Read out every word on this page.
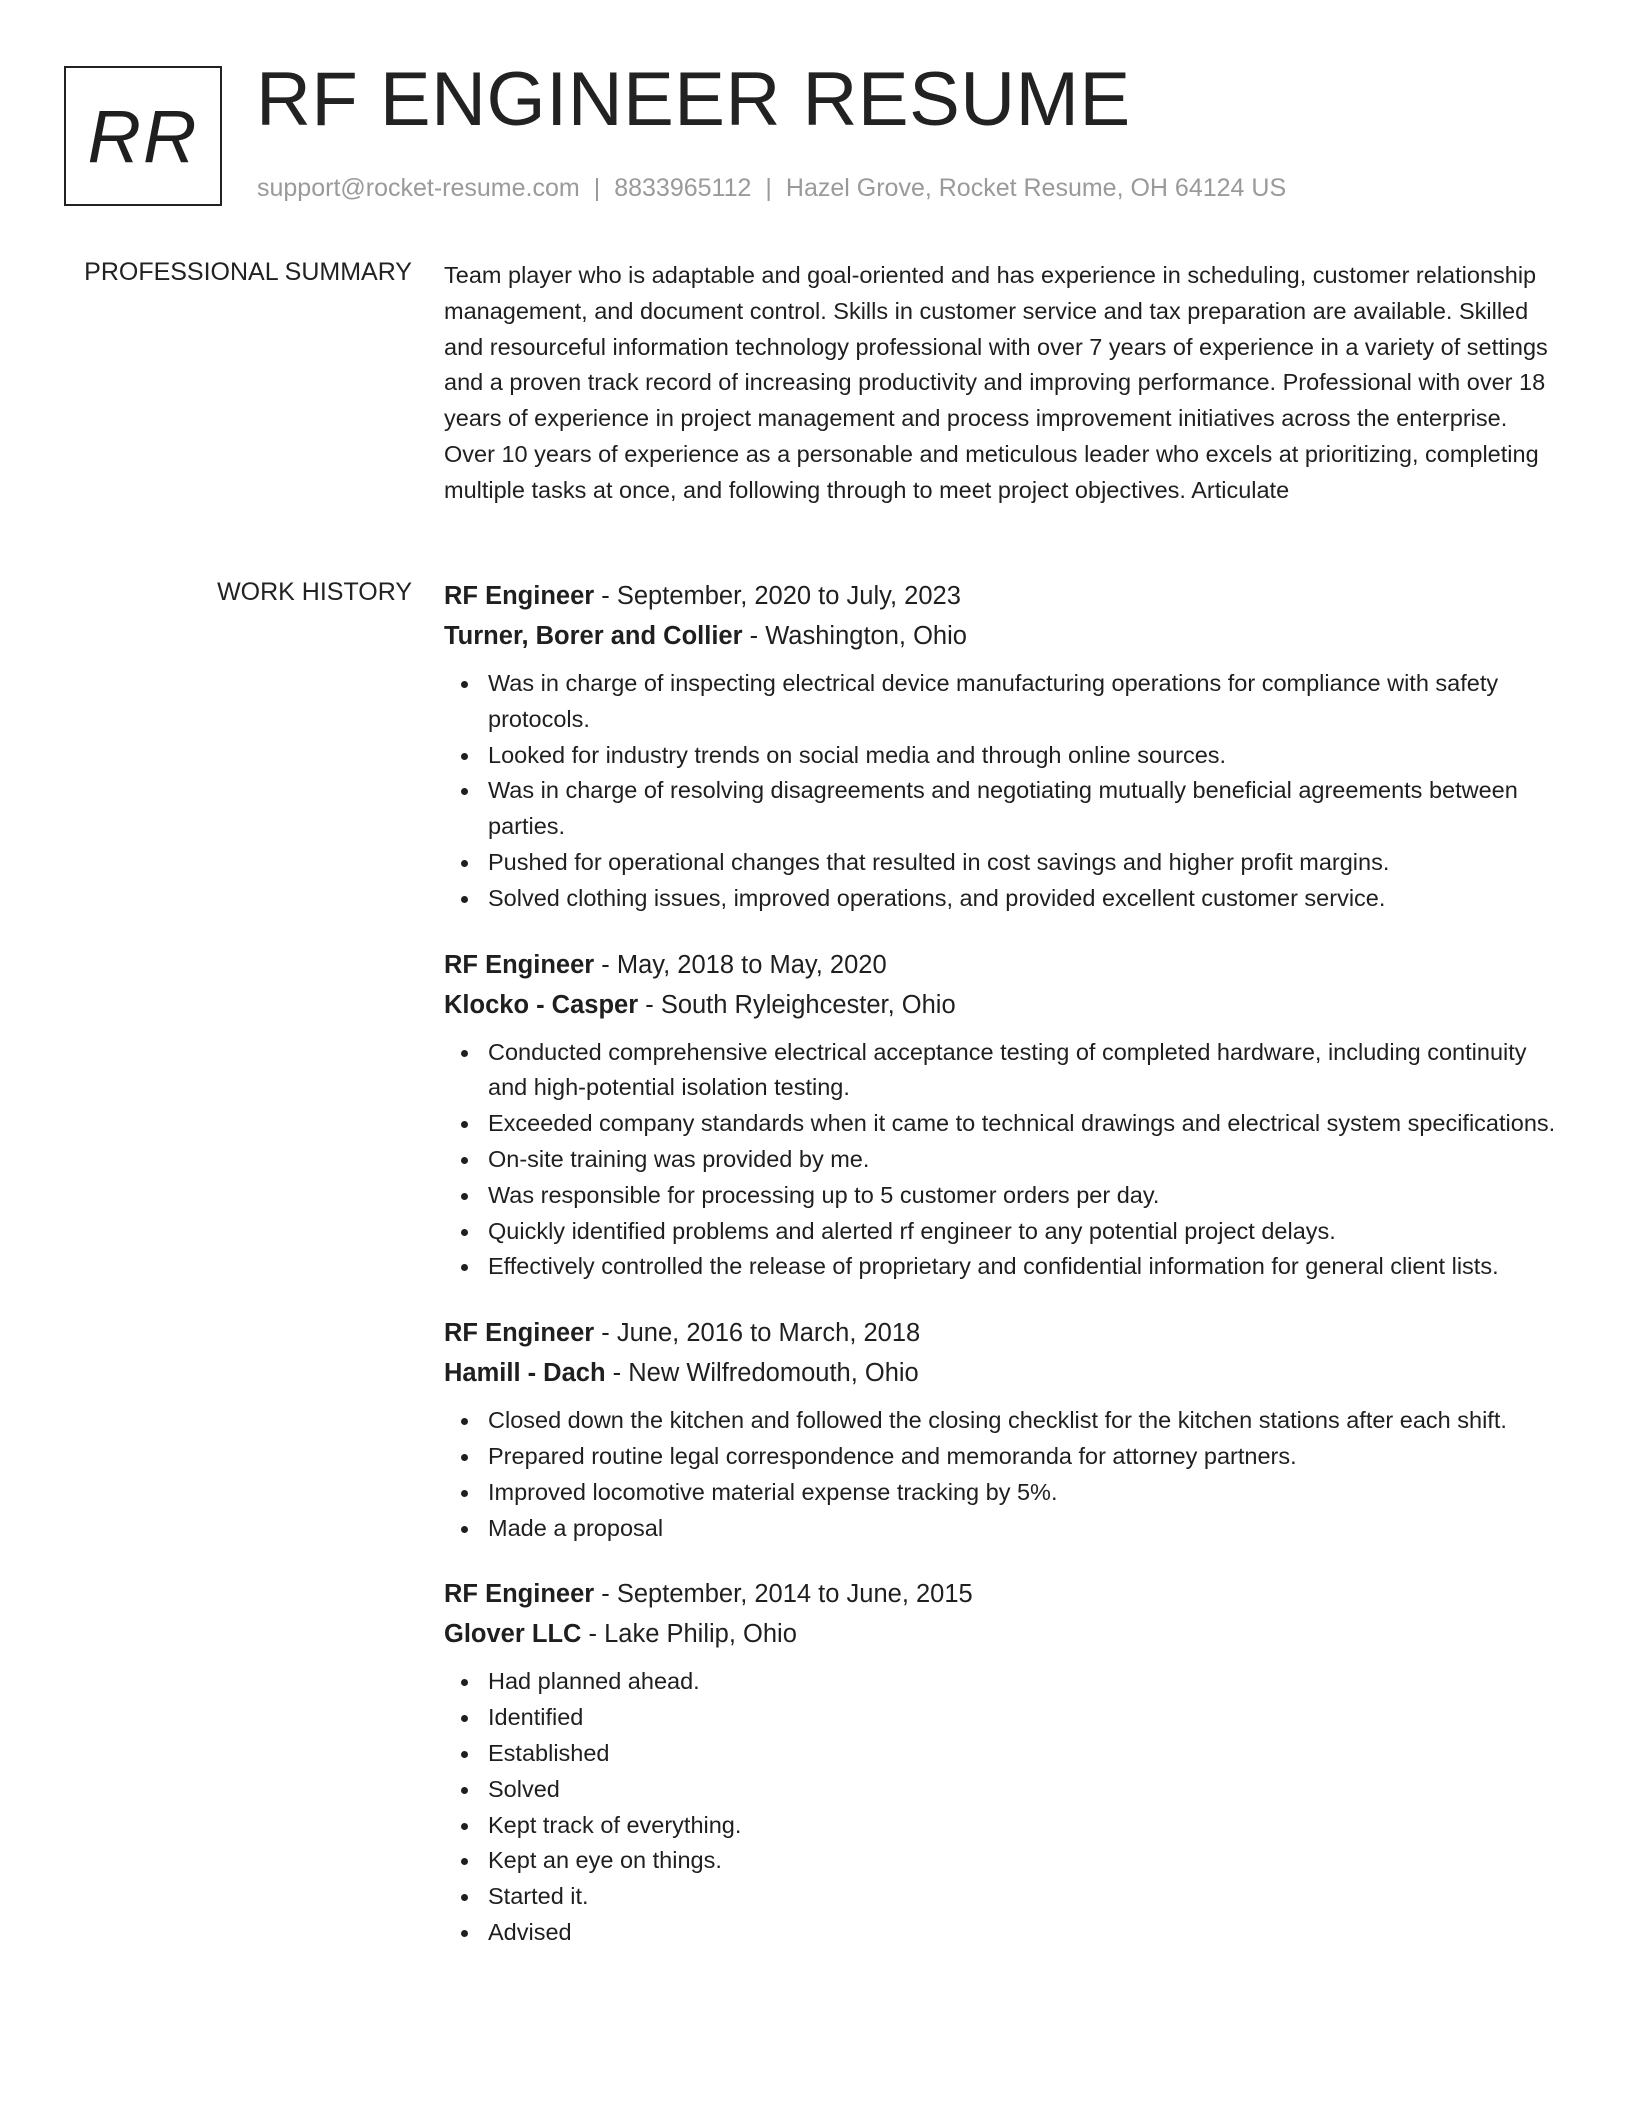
RR RF ENGINEER RESUME
support@rocket-resume.com | 8833965112 | Hazel Grove, Rocket Resume, OH 64124 US
PROFESSIONAL SUMMARY Team player who is adaptable and goal-oriented and has experience in scheduling, customer relationship management, and document control. Skills in customer service and tax preparation are available. Skilled and resourceful information technology professional with over 7 years of experience in a variety of settings and a proven track record of increasing productivity and improving performance. Professional with over 18 years of experience in project management and process improvement initiatives across the enterprise. Over 10 years of experience as a personable and meticulous leader who excels at prioritizing, completing multiple tasks at once, and following through to meet project objectives. Articulate

WORK HISTORY RF Engineer - September, 2020 to July, 2023
Turner, Borer and Collier - Washington, Ohio
Was in charge of inspecting electrical device manufacturing operations for compliance with safety protocols.
Looked for industry trends on social media and through online sources.
Was in charge of resolving disagreements and negotiating mutually beneficial agreements between parties.
Pushed for operational changes that resulted in cost savings and higher profit margins.
Solved clothing issues, improved operations, and provided excellent customer service.
RF Engineer - May, 2018 to May, 2020
Klocko - Casper - South Ryleighcester, Ohio
Conducted comprehensive electrical acceptance testing of completed hardware, including continuity and high-potential isolation testing.
Exceeded company standards when it came to technical drawings and electrical system specifications.
On-site training was provided by me.
Was responsible for processing up to 5 customer orders per day.
Quickly identified problems and alerted rf engineer to any potential project delays.
Effectively controlled the release of proprietary and confidential information for general client lists.
RF Engineer - June, 2016 to March, 2018
Hamill - Dach - New Wilfredomouth, Ohio
Closed down the kitchen and followed the closing checklist for the kitchen stations after each shift.
Prepared routine legal correspondence and memoranda for attorney partners.
Improved locomotive material expense tracking by 5%.
Made a proposal
RF Engineer - September, 2014 to June, 2015
Glover LLC - Lake Philip, Ohio
Had planned ahead.
Identified
Established
Solved
Kept track of everything.
Kept an eye on things.
Started it.
Advised
